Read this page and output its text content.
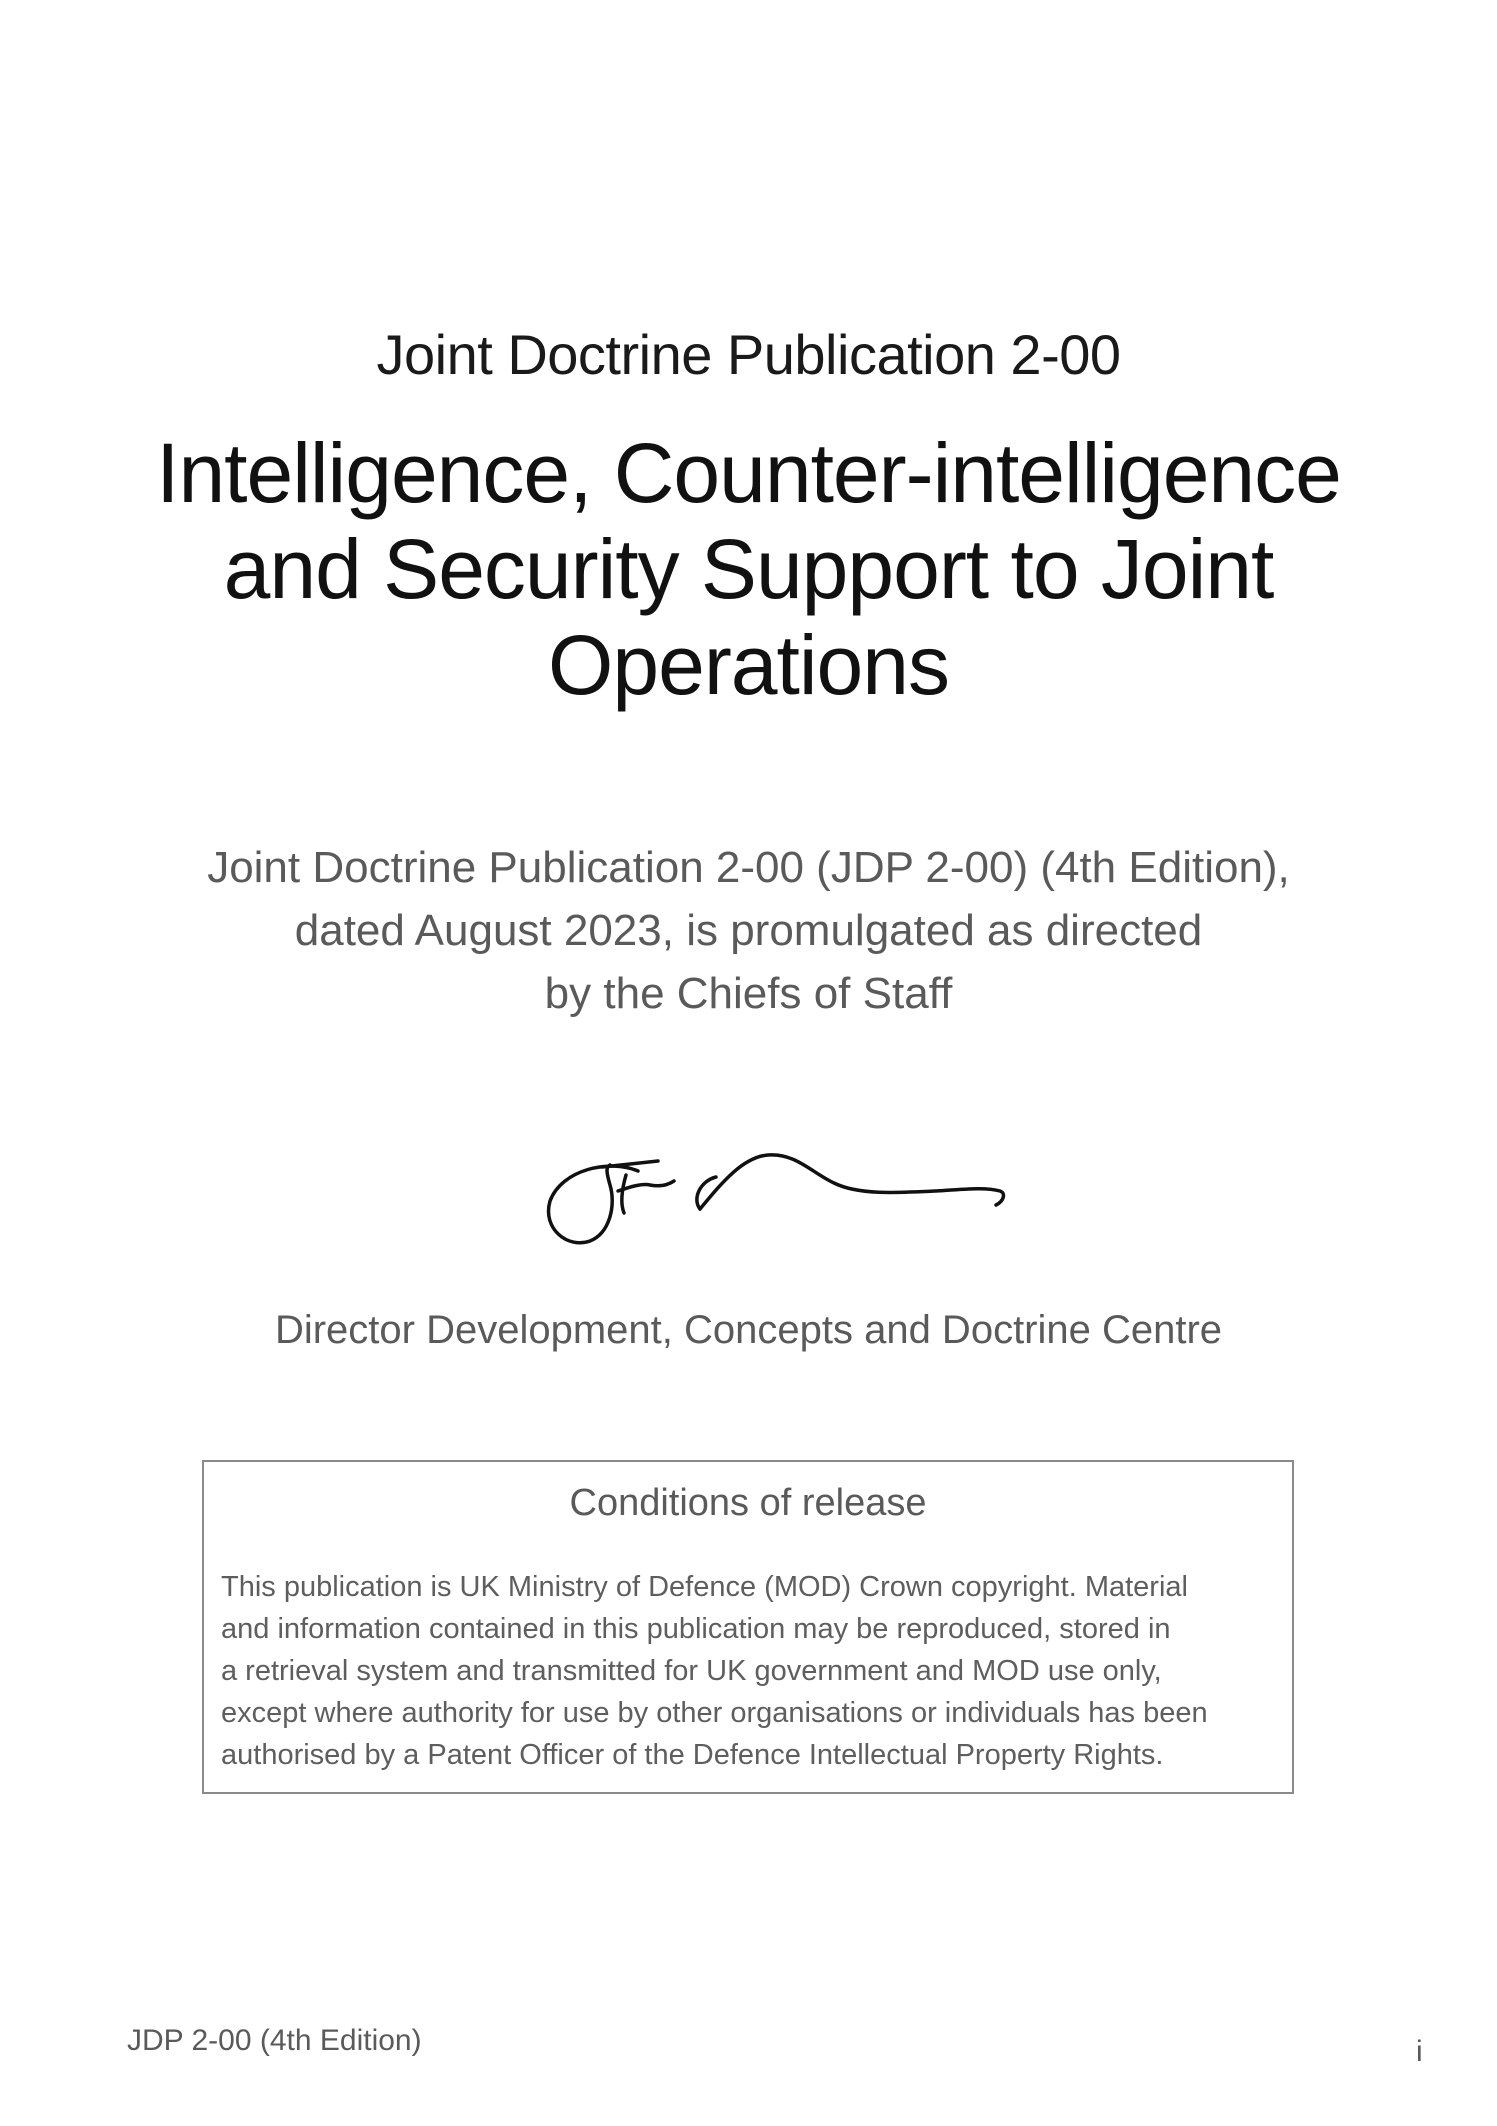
Joint Doctrine Publication 2-00
Intelligence, Counter-intelligence and Security Support to Joint Operations
Joint Doctrine Publication 2-00 (JDP 2-00) (4th Edition),
dated August 2023, is promulgated as directed
by the Chiefs of Staff
Director Development, Concepts and Doctrine Centre
Conditions of release
This publication is UK Ministry of Defence (MOD) Crown copyright. Material
and information contained in this publication may be reproduced, stored in
a retrieval system and transmitted for UK government and MOD use only,
except where authority for use by other organisations or individuals has been
authorised by a Patent Officer of the Defence Intellectual Property Rights.
JDP 2-00 (4th Edition)	i
